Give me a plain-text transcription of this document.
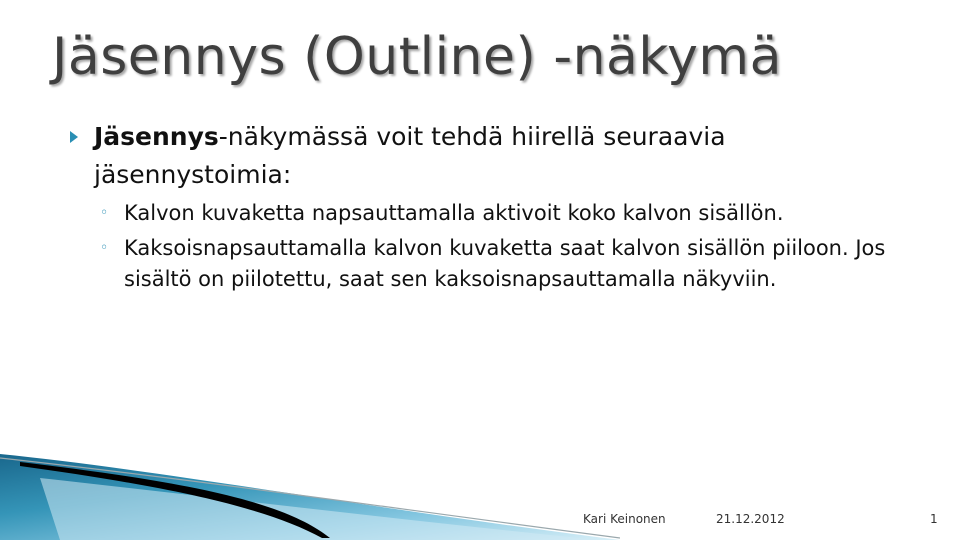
Jäsennys (Outline) -näkymä
Jäsennys-näkymässä voit tehdä hiirellä seuraavia jäsennystoimia:
◦ Kalvon kuvaketta napsauttamalla aktivoit koko kalvon sisällön.
◦ Kaksoisnapsauttamalla kalvon kuvaketta saat kalvon sisällön piiloon. Jos sisältö on piilotettu, saat sen kaksoisnapsauttamalla näkyviin.
Kari Keinonen	21.12.2012	1
